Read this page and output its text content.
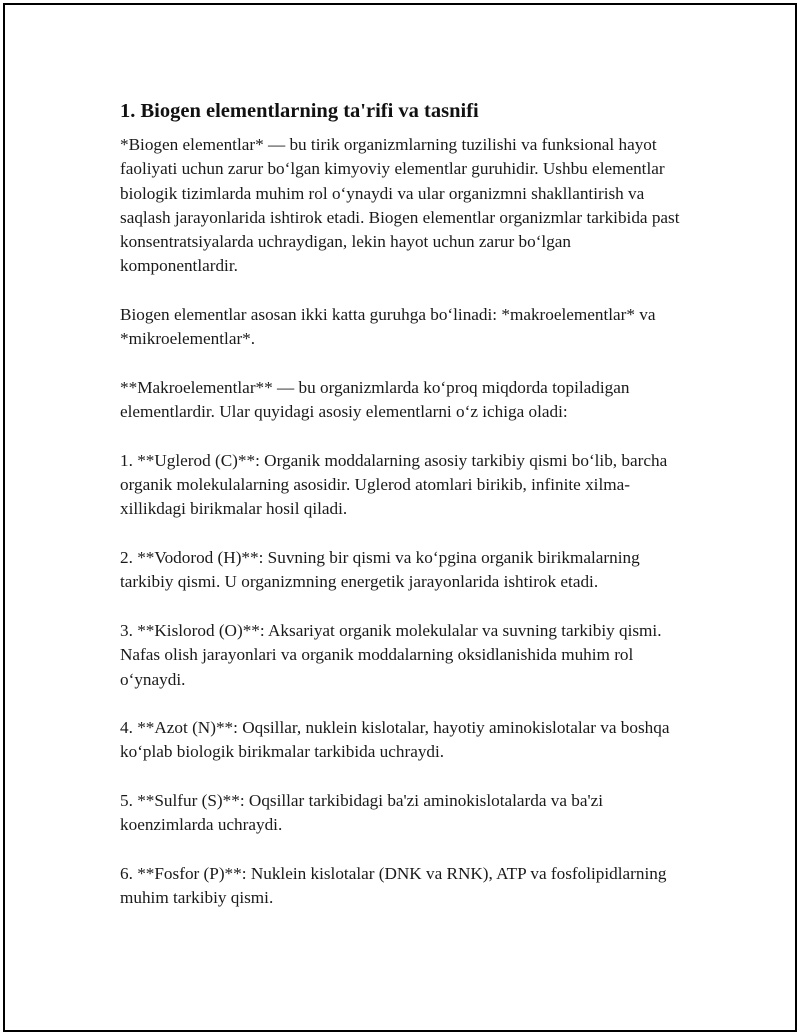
1. Biogen elementlarning ta'rifi va tasnifi

*Biogen elementlar* — bu tirik organizmlarning tuzilishi va funksional hayot faoliyati uchun zarur boʻlgan kimyoviy elementlar guruhidir. Ushbu elementlar biologik tizimlarda muhim rol oʻynaydi va ular organizmni shakllantirish va saqlash jarayonlarida ishtirok etadi. Biogen elementlar organizmlar tarkibida past konsentratsiyalarda uchraydigan, lekin hayot uchun zarur boʻlgan komponentlardir.

Biogen elementlar asosan ikki katta guruhga boʻlinadi: *makroelementlar* va *mikroelementlar*.

**Makroelementlar** — bu organizmlarda koʻproq miqdorda topiladigan elementlardir. Ular quyidagi asosiy elementlarni oʻz ichiga oladi:

1. **Uglerod (C)**: Organik moddalarning asosiy tarkibiy qismi boʻlib, barcha organik molekulalarning asosidir. Uglerod atomlari birikib, infinite xilma-xillikdagi birikmalar hosil qiladi.

2. **Vodorod (H)**: Suvning bir qismi va koʻpgina organik birikmalarning tarkibiy qismi. U organizmning energetik jarayonlarida ishtirok etadi.

3. **Kislorod (O)**: Aksariyat organik molekulalar va suvning tarkibiy qismi. Nafas olish jarayonlari va organik moddalarning oksidlanishida muhim rol oʻynaydi.

4. **Azot (N)**: Oqsillar, nuklein kislotalar, hayotiy aminokislotalar va boshqa koʻplab biologik birikmalar tarkibida uchraydi.

5. **Sulfur (S)**: Oqsillar tarkibidagi ba'zi aminokislotalarda va ba'zi koenzimlarda uchraydi.

6. **Fosfor (P)**: Nuklein kislotalar (DNK va RNK), ATP va fosfolipidlarning muhim tarkibiy qismi.
